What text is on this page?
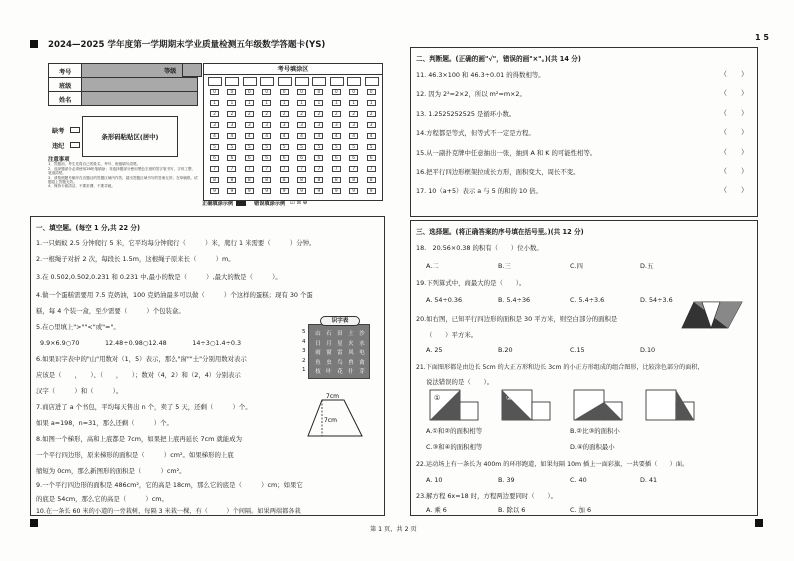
1 5
2024—2025 学年度第一学期期末学业质量检测五年级数学答题卡(YS)
考号
班级
姓名
等级	考号填涂区
0
1
2
3
4
5
6
7
8
9
0
1
2
3
4
5
6
7
8
9
0
1
2
3
4
5
6
7
8
9
0
1
2
3
4
5
6
7
8
9
0
1
2
3
4
5
6
7
8
9
0
1
2
3
4
5
6
7
8
9
0
1
2
3
4
5
6
7
8
9
0
1
2
3
4
5
6
7
8
9
0
1
2
3
4
5
6
7
8
9
0
1
2
3
4
5
6
7
8
9
条形码粘贴区(居中)
缺考
违纪
注意事项
1、答题前，考生先将自己的姓名、考号、班级填写清楚。
2、选择题部分必须使用2B铅笔填涂；非选择题部分使用黑色字迹的签字笔书写，字体工整、笔迹清楚。
3、请按照题号顺序在各题目的答题区域内作答，超出答题区域书写的答案无效；在草稿纸、试题卷上答题无效。
4、保持卡面清洁，不要折叠、不要弄破。
正确填涂示例	错误填涂示例 ☑ ☒ ⊖
一、填空题。(每空 1 分,共 22 分)
1.一只蚂蚁 2.5 分钟爬行 5 米，它平均每分钟爬行（　　　）米，爬行 1 米需要（　　　）分钟。
2.一根绳子对折 2 次，每段长 1.5m，这根绳子原来长（　　　）m。
3.在 0.502,0.5̇02̇,0.23̇1 和 0.231 中,最小的数是（　　　）,最大的数是（　　　）。
4.做一个蛋糕需要用 7.5 克奶油，100 克奶油最多可以做（　　　）个这样的蛋糕；现有 30 个蛋
糕，每 4 个装一盒，至少需要（　　　）个包装盒。
5.在○里填上">""<"或"="。
9.9×6.9○70　　　　12.48÷0.98○12.48　　　　14÷3○1.4÷0.3
6.如果识字表中的"山"用数对（1，5）表示，那么"窗""土"分别用数对表示
应该是（　　，　　）、（　　，　　）；数对（4，2）和（2，4）分别表示
汉字（　　　）和（　　　）。
7.商店进了 a 个书包，平均每天售出 n 个，卖了 5 天，还剩（　　　）个。
如果 a=198，n=31，那么还剩（　　　）个。
8.如图一个梯形，高和上底都是 7cm，如果把上底再延长 7cm 就能成为
一个平行四边形，原来梯形的面积是（　　　）cm²。如果梯形的上底
缩短为 0cm，那么新图形的面积是（　　　）cm²。
9.一个平行四边形的面积是 486cm²，它的高是 18cm，那么它的底是（　　　）cm；如果它
的底是 54cm，那么它的高是（　　　）cm。
10.在一条长 60 米的小道的一旁栽树，每隔 3 米栽一棵，有（　　　）个间隔。如果两端都各栽
识字表
山	石	田	土	沙
日	月	星	火	水
雨	窗	雷	风	电
鱼	虫	鸟	兽	禽
枝	叶	花	什	芽
5
4
3
2
1
7cm
7cm
二、判断题。(正确的画"√"，错误的画"×"。)(共 14 分)
11. 46.3×100 和 46.3÷0.01 的得数相等。	（　　）
12. 因为 2²=2×2，所以 m²=m×2。	（　　）
13. 1.2525252525 是循环小数。	（　　）
14.方程都是等式，但等式不一定是方程。	（　　）
15.从一副扑克牌中任意抽出一张，抽到 A 和 K 的可能性相等。	（　　）
16.把平行四边形框架拉成长方形，面积变大，周长不变。	（　　）
17. 10（a+5）表示 a 与 5 的和的 10 倍。	（　　）
三、选择题。(将正确答案的序号填在括号里。)(共 12 分)
18.　20.56×0.38 的积有（　　）位小数。
A.二	B.三	C.四	D.五
19.下列算式中，商最大的是（　　）。
A. 54÷0.36	B. 5.4÷36	C. 5.4÷3.6	D. 54÷3.6
20.如右图，已知平行四边形的面积是 30 平方米，则空白部分的面积是
（　　）平方米。
A. 25	B.20	C.15	D.10
21.下面图形都是由边长 5cm 的大正方形和边长 3cm 的小正方形组成的组合图形，比较涂色部分的面积，
说法错误的是（　　）。
①	②	③	④
A.①和②的面积相等	B.②比③的面积小
C.③和④的面积相等	D.④的面积最小
22.运动场上有一条长为 400m 的环形跑道，如果每隔 10m 插上一面彩旗，一共要插（　　）面。
A. 10	B. 39	C. 40	D. 41
23.解方程 6x=18 时，方程两边要同时（　　）。
A. 乘 6	B. 除以 6	C. 加 6
第 1 页，共 2 页
